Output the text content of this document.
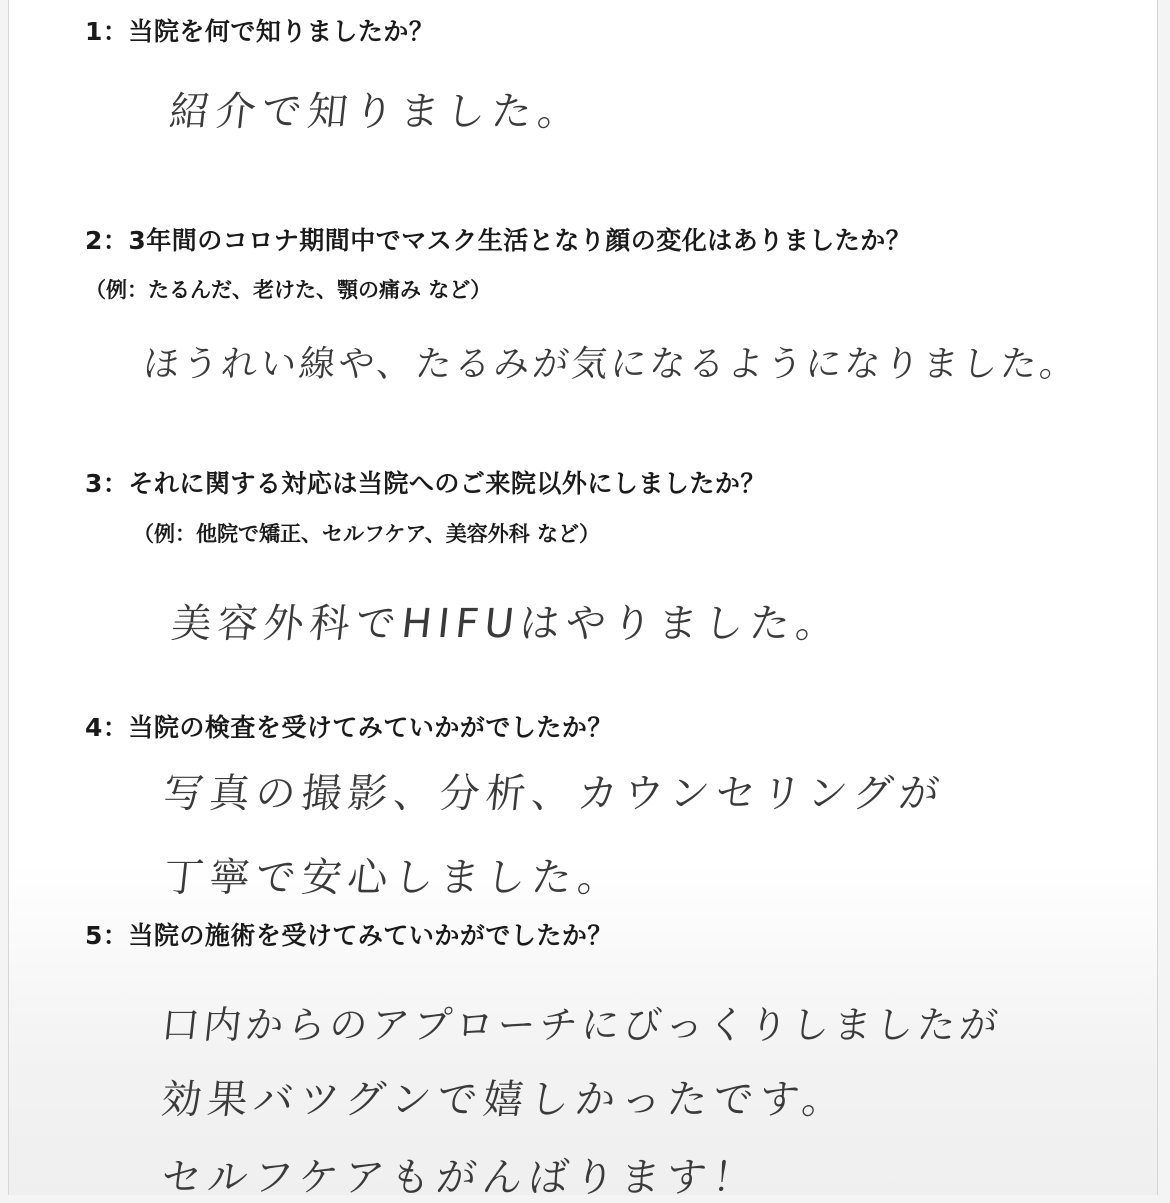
1：当院を何で知りましたか？
紹介で知りました。
2：3年間のコロナ期間中でマスク生活となり顔の変化はありましたか？
（例：たるんだ、老けた、顎の痛み など）
ほうれい線や、たるみが気になるようになりました。
3：それに関する対応は当院へのご来院以外にしましたか？
（例：他院で矯正、セルフケア、美容外科 など）
美容外科でHIFUはやりました。
4：当院の検査を受けてみていかがでしたか？
写真の撮影、分析、カウンセリングが
丁寧で安心しました。
5：当院の施術を受けてみていかがでしたか？
口内からのアプローチにびっくりしましたが
効果バツグンで嬉しかったです。
セルフケアもがんばります！
